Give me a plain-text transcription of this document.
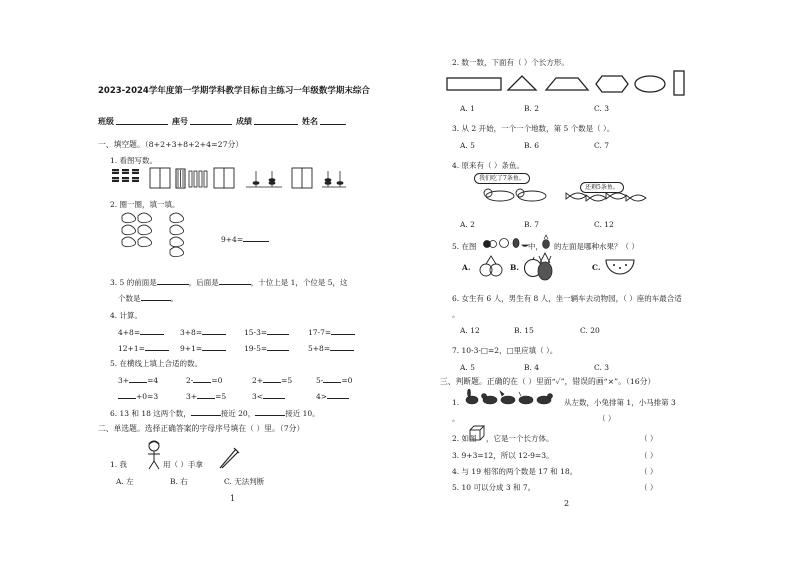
2023-2024学年度第一学期学科教学目标自主练习一年级数学期末综合
班级	座号	成绩	姓名
一、填空题。（8+2+3+8+2+4=27分）
1. 看图写数。
2. 圈一圈，填一填。
9+4=
3. 5 的前面是	，后面是	，十位上是 1，个位是 5，这
个数是	。
4. 计算。
4+8=	3+8=	15-3=	17-7=
12+1=	9+1=	19-5=	5+8=
5. 在横线上填上合适的数。
3+ =4	2- =0	2+ =5	5- =0
+0=3	3+ =5	3<	4>
6. 13 和 18 这两个数，	接近 20，	接近 10。
二、单选题。选择正确答案的字母序号填在（ ）里。（7分）
1. 我	用（ ）手拿
A. 左	B. 右	C. 无法判断
1
2. 数一数，下面有（ ）个长方形。
A. 1	B. 2	C. 3
3. 从 2 开始，一个一个地数，第 5 个数是（ ）。
A. 5	B. 6	C. 7
4. 原来有（ ）条鱼。
我们吃了7条鱼。
还剩5条鱼。
A. 2	B. 7	C. 12
5. 在图	中， 的左面是哪种水果？（ ）
A.	B.	C.
6. 女生有 6 人，男生有 8 人，坐一辆车去动物园，（ ）座的车最合适
。
A. 12	B. 15	C. 20
7. 10-3-□=2，□里应填（ ）。
A. 5	B. 4	C. 3
三、判断题。正确的在（ ）里面“✓”，错误的画“×”。（16分）
1.	从左数，小兔排第 1，小马排第 3
。	（ ）
2. 如图 ，它是一个长方体。	（ ）
3. 9+3=12，所以 12-9=3。	（ ）
4. 与 19 相邻的两个数是 17 和 18。	（ ）
5. 10 可以分成 3 和 7。	（ ）
2
